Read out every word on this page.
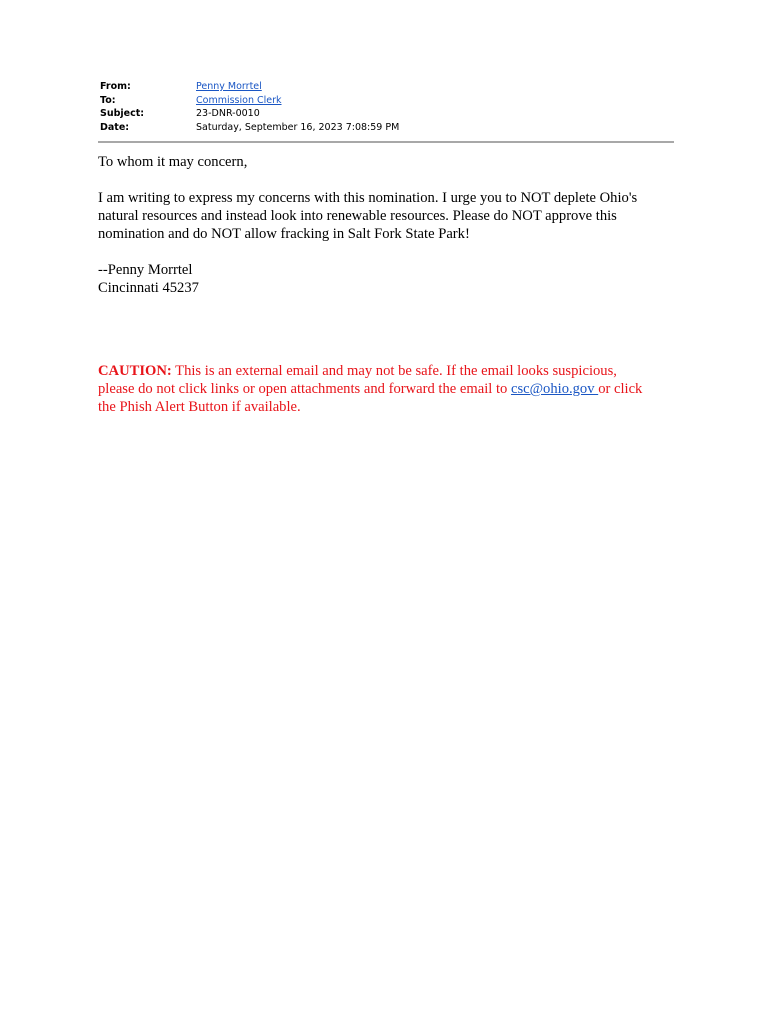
From:	Penny Morrtel
To:	Commission Clerk
Subject:	23-DNR-0010
Date:	Saturday, September 16, 2023 7:08:59 PM

To whom it may concern,

I am writing to express my concerns with this nomination. I urge you to NOT deplete Ohio's
natural resources and instead look into renewable resources. Please do NOT approve this
nomination and do NOT allow fracking in Salt Fork State Park!

--Penny Morrtel
Cincinnati 45237

CAUTION: This is an external email and may not be safe. If the email looks suspicious,
please do not click links or open attachments and forward the email to csc@ohio.gov or click
the Phish Alert Button if available.
